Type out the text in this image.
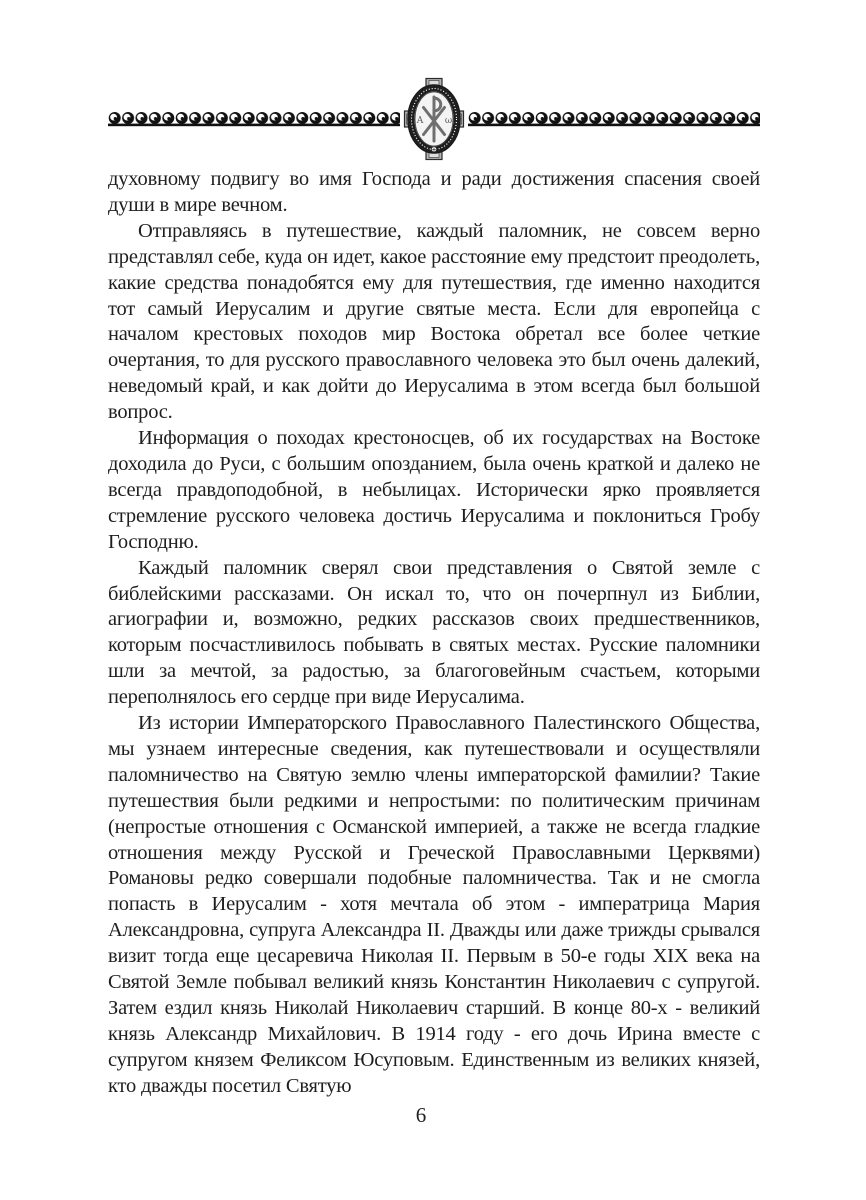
А ω

духовному подвигу во имя Господа и ради достижения спасения своей души в мире вечном.

Отправляясь в путешествие, каждый паломник, не совсем верно представлял себе, куда он идет, какое расстояние ему предстоит преодолеть, какие средства понадобятся ему для путешествия, где именно находится тот самый Иерусалим и другие святые места. Если для европейца с началом крестовых походов мир Востока обретал все более четкие очертания, то для русского православного человека это был очень далекий, неведомый край, и как дойти до Иерусалима в этом всегда был большой вопрос.

Информация о походах крестоносцев, об их государствах на Востоке доходила до Руси, с большим опозданием, была очень краткой и далеко не всегда правдоподобной, в небылицах. Исторически ярко проявляется стремление русского человека достичь Иерусалима и поклониться Гробу Господню.

Каждый паломник сверял свои представления о Святой земле с библейскими рассказами. Он искал то, что он почерпнул из Библии, агиографии и, возможно, редких рассказов своих предшественников, которым посчастливилось побывать в святых местах. Русские паломники шли за мечтой, за радостью, за благоговейным счастьем, которыми переполнялось его сердце при виде Иерусалима.

Из истории Императорского Православного Палестинского Общества, мы узнаем интересные сведения, как путешествовали и осуществляли паломничество на Святую землю члены императорской фамилии? Такие путешествия были редкими и непростыми: по политическим причинам (непростые отношения с Османской империей, а также не всегда гладкие отношения между Русской и Греческой Православными Церквями) Романовы редко совершали подобные паломничества. Так и не смогла попасть в Иерусалим - хотя мечтала об этом - императрица Мария Александровна, супруга Александра II. Дважды или даже трижды срывался визит тогда еще цесаревича Николая II. Первым в 50-е годы XIX века на Святой Земле побывал великий князь Константин Николаевич с супругой. Затем ездил князь Николай Николаевич старший. В конце 80-х - великий князь Александр Михайлович. В 1914 году - его дочь Ирина вместе с супругом князем Феликсом Юсуповым. Единственным из великих князей, кто дважды посетил Святую

6
